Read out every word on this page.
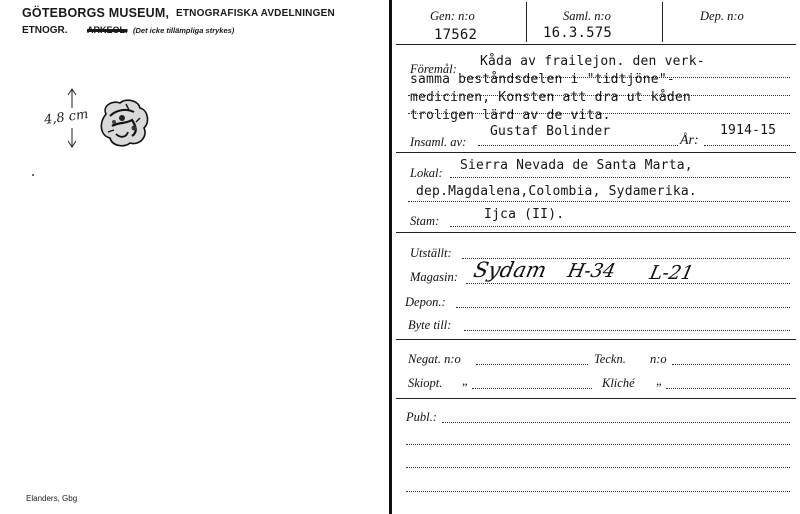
GÖTEBORGS MUSEUM, ETNOGRAFISKA AVDELNINGEN
ETNOGR. ARKEOL. (Det icke tillämpliga strykes)
4,8 cm
Elanders, Gbg
Gen: n:o
17562
Saml. n:o
16.3.575
Dep. n:o
Föremål: Kåda av frailejon. den verk-
samma beståndsdelen i "tidtjöne"-
medicinen, Konsten att dra ut kåden
troligen lärd av de vita.
Insaml. av:
Gustaf Bolinder
År:
1914-15
Lokal: Sierra Nevada de Santa Marta,
dep.Magdalena,Colombia, Sydamerika.
Stam:	Ijca (II).
Utställt:
Magasin: Sydam H-34 L-21
Depon.:
Byte till:
Negat. n:o	Teckn. n:o
Skiopt. „	Kliché „
Publ.:
